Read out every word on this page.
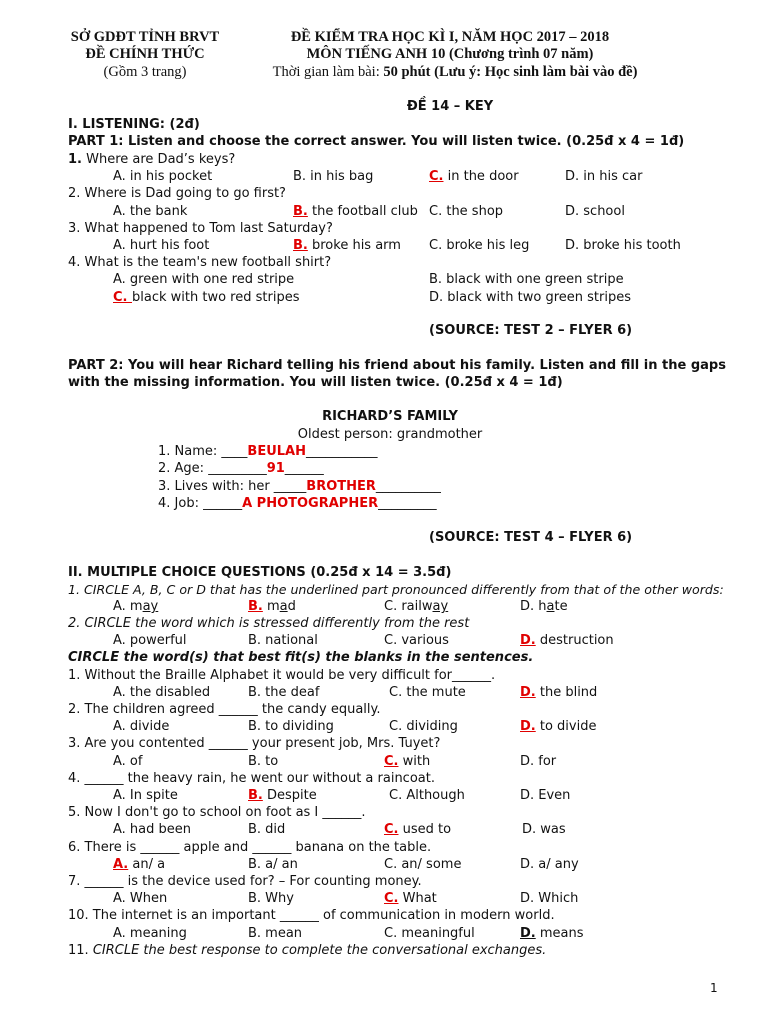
SỞ GDĐT TỈNH BRVT
ĐỀ CHÍNH THỨC
(Gồm 3 trang)
ĐỀ KIỂM TRA HỌC KÌ I, NĂM HỌC 2017 – 2018
MÔN TIẾNG ANH 10 (Chương trình 07 năm)
Thời gian làm bài: 50 phút (Lưu ý: Học sinh làm bài vào đề)
ĐỀ 14 – KEY
I. LISTENING: (2đ)
PART 1: Listen and choose the correct answer. You will listen twice. (0.25đ x 4 = 1đ)
1. Where are Dad’s keys?
A. in his pocket	B. in his bag	C. in the door	D. in his car
2. Where is Dad going to go first?
A. the bank	B. the football club C. the shop	D. school
3. What happened to Tom last Saturday?
A. hurt his foot	B. broke his arm C. broke his leg	D. broke his tooth
4. What is the team's new football shirt?
A. green with one red stripe	B. black with one green stripe
C. black with two red stripes	D. black with two green stripes
(SOURCE: TEST 2 – FLYER 6)
PART 2: You will hear Richard telling his friend about his family. Listen and fill in the gaps
with the missing information. You will listen twice. (0.25đ x 4 = 1đ)
RICHARD’S FAMILY
Oldest person: grandmother
1. Name: ____BEULAH___________
2. Age: _________91______
3. Lives with: her _____BROTHER__________
4. Job: ______A PHOTOGRAPHER_________
(SOURCE: TEST 4 – FLYER 6)
II. MULTIPLE CHOICE QUESTIONS (0.25đ x 14 = 3.5đ)
1. CIRCLE A, B, C or D that has the underlined part pronounced differently from that of the other words:
A. may	B. mad	C. railway	D. hate
2. CIRCLE the word which is stressed differently from the rest
A. powerful	B. national	C. various	D. destruction
CIRCLE the word(s) that best fit(s) the blanks in the sentences.
1. Without the Braille Alphabet it would be very difficult for______.
A. the disabled	B. the deaf	C. the mute	D. the blind
2. The children agreed ______ the candy equally.
A. divide	B. to dividing	C. dividing	D. to divide
3. Are you contented ______ your present job, Mrs. Tuyet?
A. of	B. to	C. with	D. for
4. ______ the heavy rain, he went our without a raincoat.
A. In spite	B. Despite	C. Although	D. Even
5. Now I don't go to school on foot as I ______.
A. had been	B. did	C. used to	D. was
6. There is ______ apple and ______ banana on the table.
A. an/ a	B. a/ an	C. an/ some	D. a/ any
7. ______ is the device used for? – For counting money.
A. When	B. Why	C. What	D. Which
10. The internet is an important ______ of communication in modern world.
A. meaning	B. mean	C. meaningful	D. means
11. CIRCLE the best response to complete the conversational exchanges.
1
